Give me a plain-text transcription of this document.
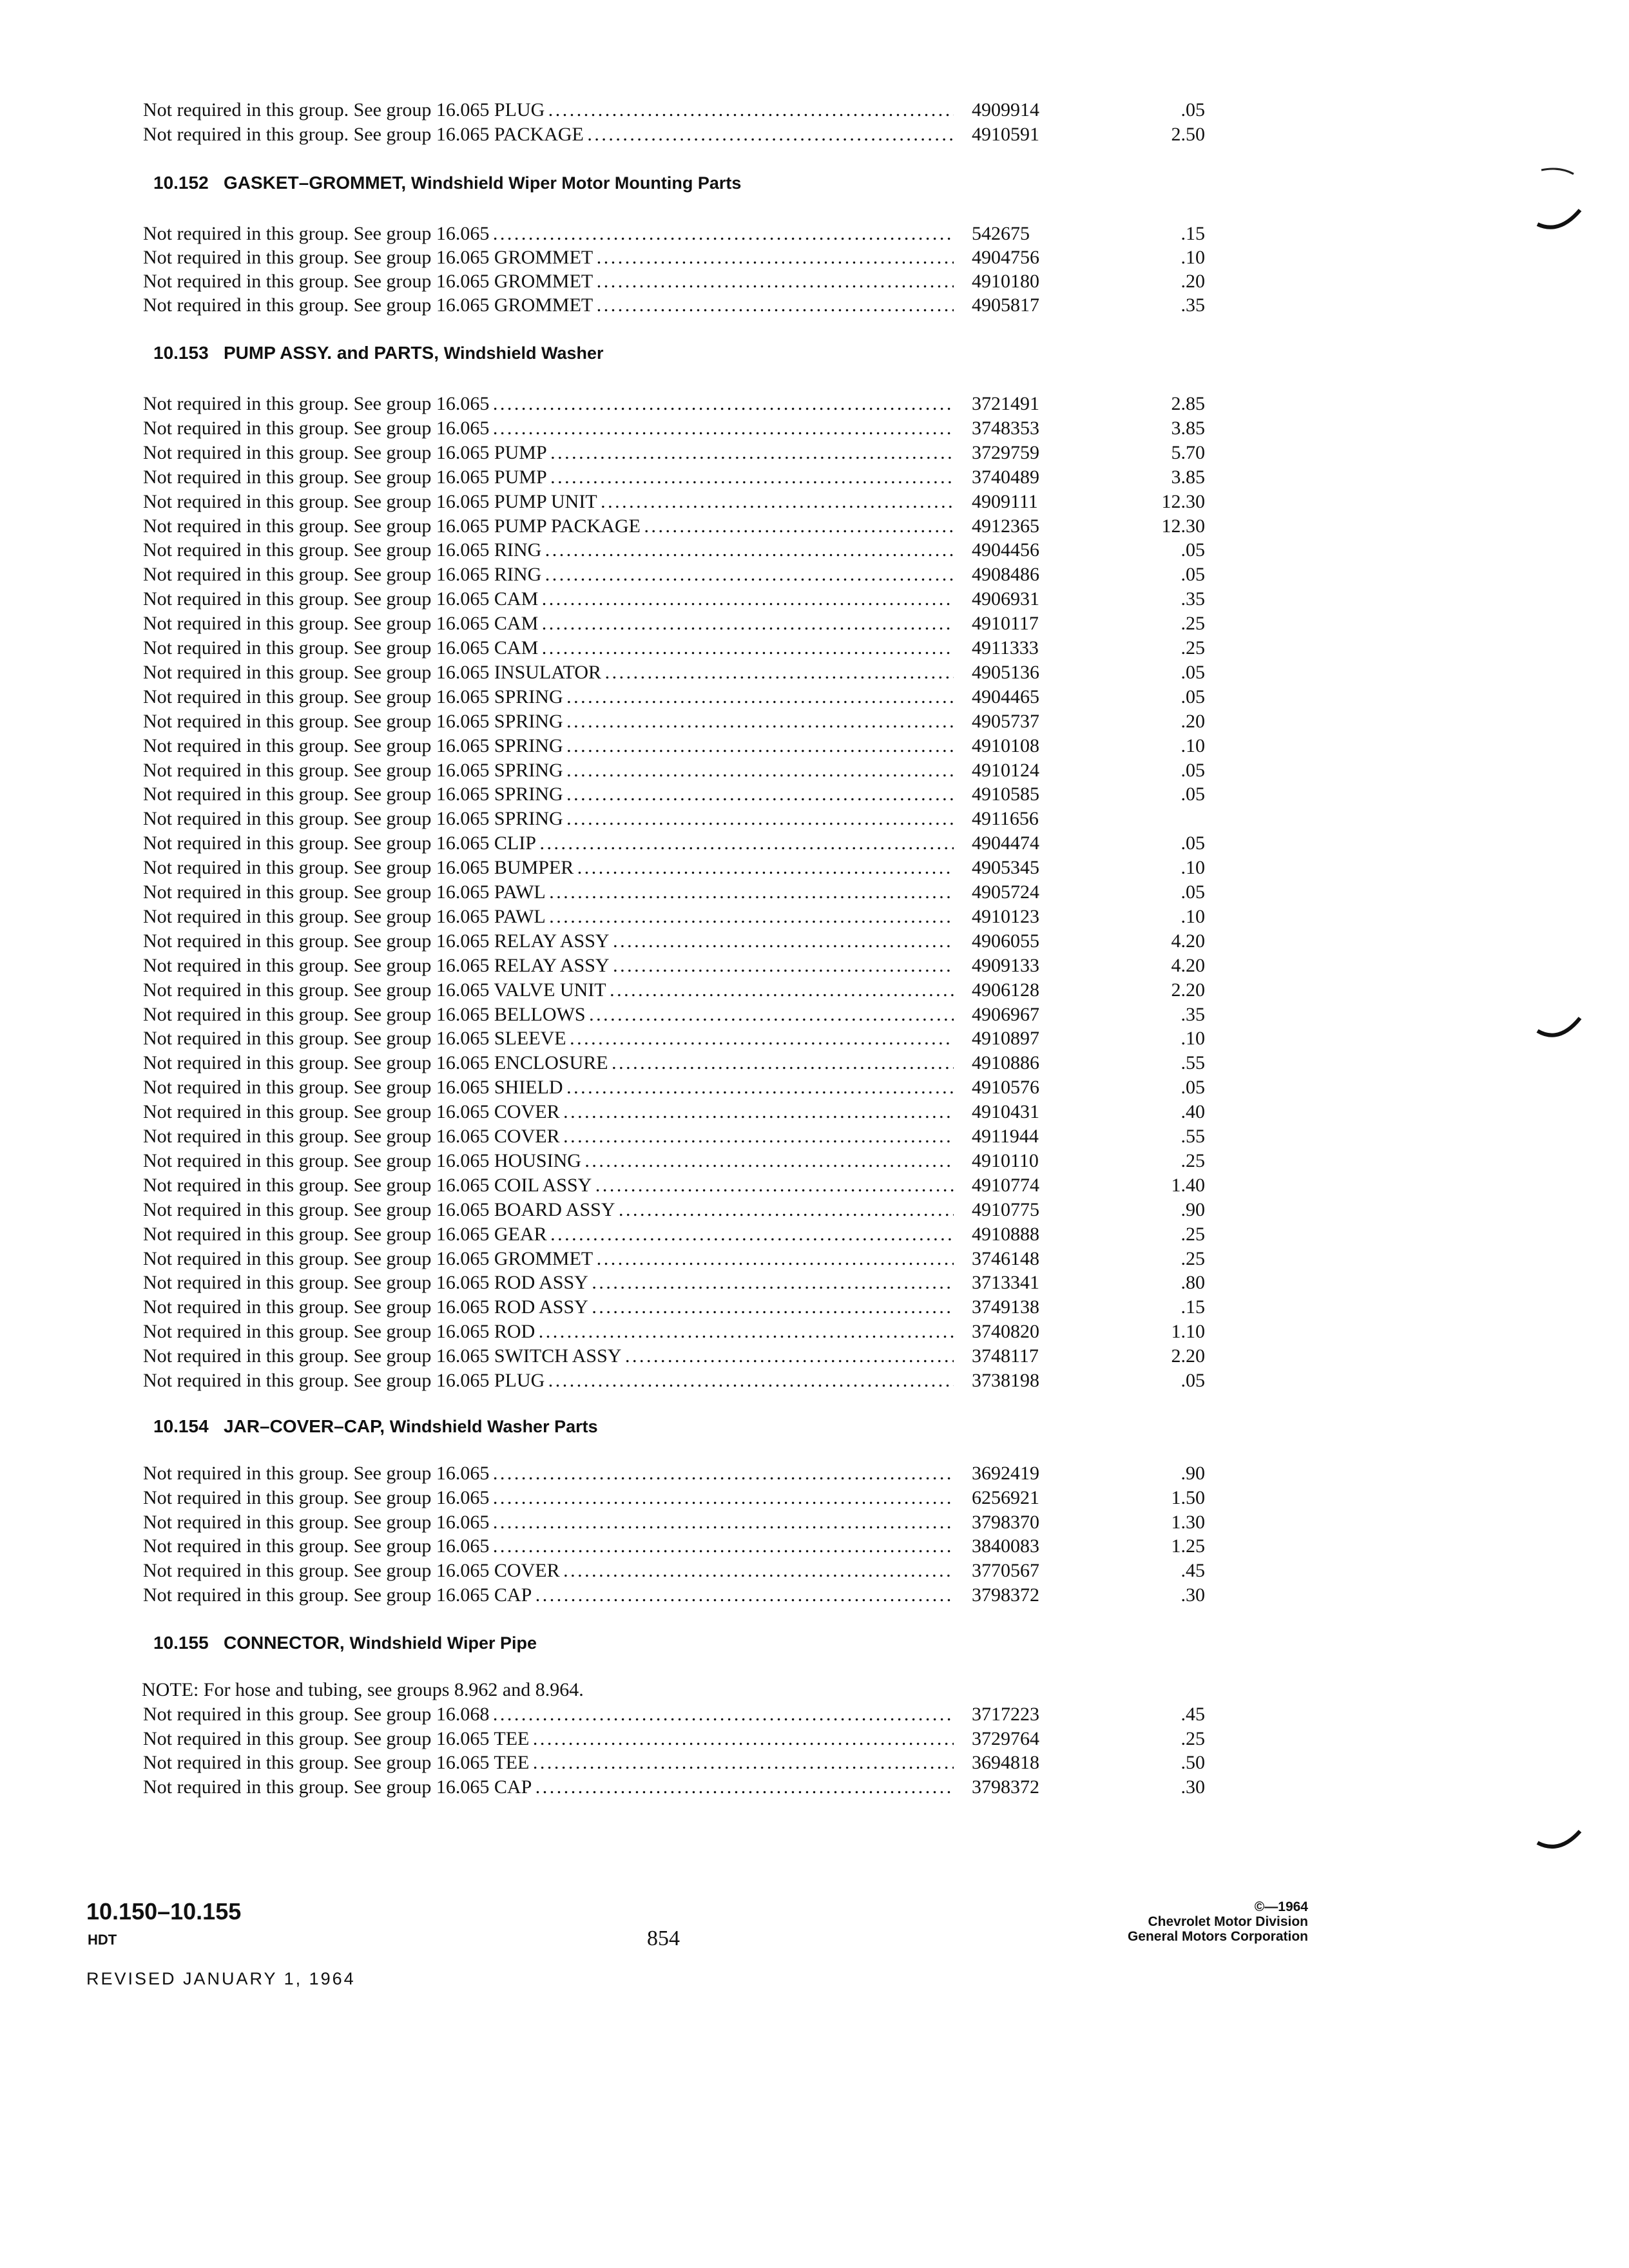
Not required in this group. See group 16.065 PLUG . . .	4909914	.05
Not required in this group. See group 16.065 PACKAGE . . .	4910591	2.50
10.152 GASKET–GROMMET, Windshield Wiper Motor Mounting Parts
Not required in this group. See group 16.065 . . .	542675	.15
Not required in this group. See group 16.065 GROMMET . . .	4904756	.10
Not required in this group. See group 16.065 GROMMET . . .	4910180	.20
Not required in this group. See group 16.065 GROMMET . . .	4905817	.35
10.153 PUMP ASSY. and PARTS, Windshield Washer
Not required in this group. See group 16.065 . . .	3721491	2.85
Not required in this group. See group 16.065 . . .	3748353	3.85
Not required in this group. See group 16.065 PUMP . . .	3729759	5.70
Not required in this group. See group 16.065 PUMP . . .	3740489	3.85
Not required in this group. See group 16.065 PUMP UNIT . . .	4909111	12.30
Not required in this group. See group 16.065 PUMP PACKAGE . . .	4912365	12.30
Not required in this group. See group 16.065 RING . . .	4904456	.05
Not required in this group. See group 16.065 RING . . .	4908486	.05
Not required in this group. See group 16.065 CAM . . .	4906931	.35
Not required in this group. See group 16.065 CAM . . .	4910117	.25
Not required in this group. See group 16.065 CAM . . .	4911333	.25
Not required in this group. See group 16.065 INSULATOR . . .	4905136	.05
Not required in this group. See group 16.065 SPRING . . .	4904465	.05
Not required in this group. See group 16.065 SPRING . . .	4905737	.20
Not required in this group. See group 16.065 SPRING . . .	4910108	.10
Not required in this group. See group 16.065 SPRING . . .	4910124	.05
Not required in this group. See group 16.065 SPRING . . .	4910585	.05
Not required in this group. See group 16.065 SPRING . . .	4911656
Not required in this group. See group 16.065 CLIP . . .	4904474	.05
Not required in this group. See group 16.065 BUMPER . . .	4905345	.10
Not required in this group. See group 16.065 PAWL . . .	4905724	.05
Not required in this group. See group 16.065 PAWL . . .	4910123	.10
Not required in this group. See group 16.065 RELAY ASSY . . .	4906055	4.20
Not required in this group. See group 16.065 RELAY ASSY . . .	4909133	4.20
Not required in this group. See group 16.065 VALVE UNIT . . .	4906128	2.20
Not required in this group. See group 16.065 BELLOWS . . .	4906967	.35
Not required in this group. See group 16.065 SLEEVE . . .	4910897	.10
Not required in this group. See group 16.065 ENCLOSURE . . .	4910886	.55
Not required in this group. See group 16.065 SHIELD . . .	4910576	.05
Not required in this group. See group 16.065 COVER . . .	4910431	.40
Not required in this group. See group 16.065 COVER . . .	4911944	.55
Not required in this group. See group 16.065 HOUSING . . .	4910110	.25
Not required in this group. See group 16.065 COIL ASSY . . .	4910774	1.40
Not required in this group. See group 16.065 BOARD ASSY . . .	4910775	.90
Not required in this group. See group 16.065 GEAR . . .	4910888	.25
Not required in this group. See group 16.065 GROMMET . . .	3746148	.25
Not required in this group. See group 16.065 ROD ASSY . . .	3713341	.80
Not required in this group. See group 16.065 ROD ASSY . . .	3749138	.15
Not required in this group. See group 16.065 ROD . . .	3740820	1.10
Not required in this group. See group 16.065 SWITCH ASSY . . .	3748117	2.20
Not required in this group. See group 16.065 PLUG . . .	3738198	.05
10.154 JAR–COVER–CAP, Windshield Washer Parts
Not required in this group. See group 16.065 . . .	3692419	.90
Not required in this group. See group 16.065 . . .	6256921	1.50
Not required in this group. See group 16.065 . . .	3798370	1.30
Not required in this group. See group 16.065 . . .	3840083	1.25
Not required in this group. See group 16.065 COVER . . .	3770567	.45
Not required in this group. See group 16.065 CAP . . .	3798372	.30
10.155 CONNECTOR, Windshield Wiper Pipe
NOTE: For hose and tubing, see groups 8.962 and 8.964.
Not required in this group. See group 16.068 . . .	3717223	.45
Not required in this group. See group 16.065 TEE . . .	3729764	.25
Not required in this group. See group 16.065 TEE . . .	3694818	.50
Not required in this group. See group 16.065 CAP . . .	3798372	.30
10.150–10.155
HDT
REVISED JANUARY 1, 1964
854
©—1964
Chevrolet Motor Division
General Motors Corporation
